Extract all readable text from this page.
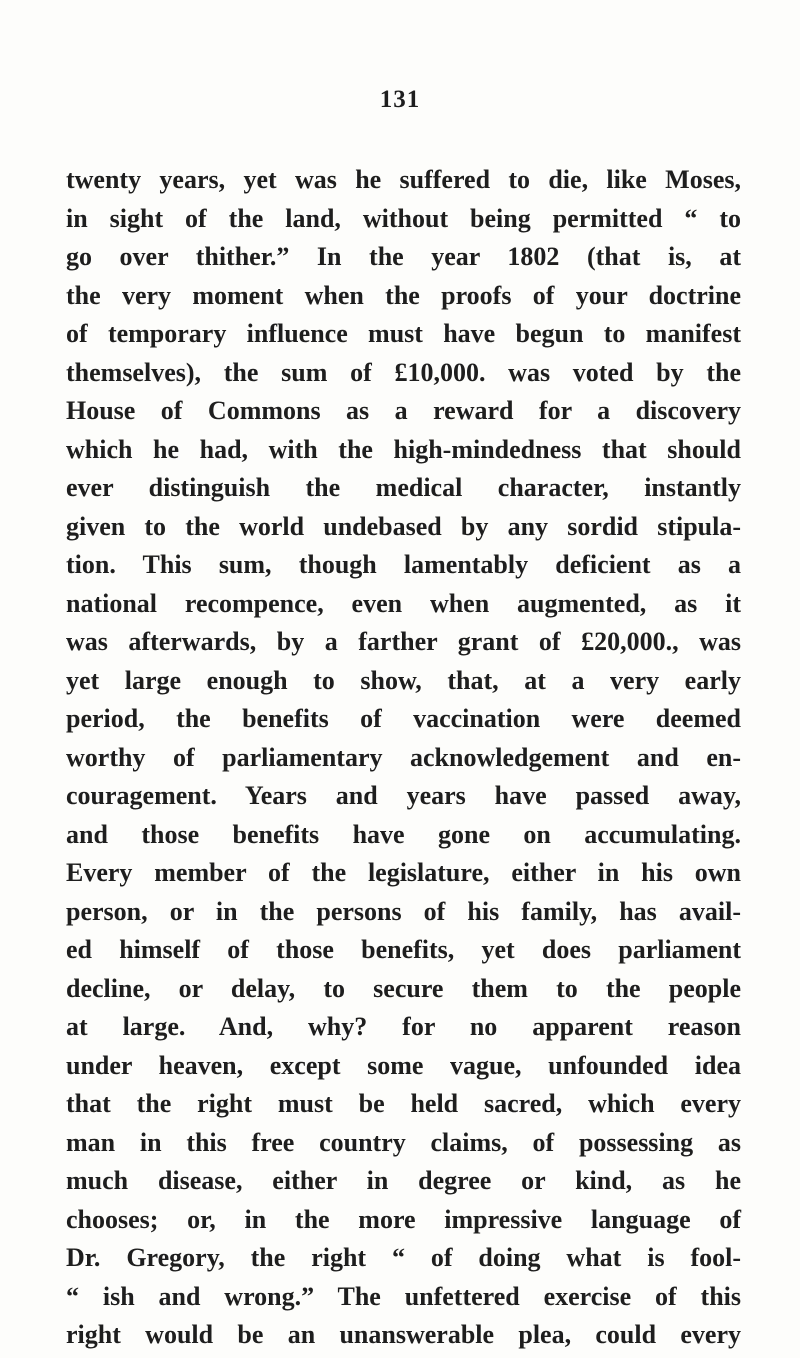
131
twenty years, yet was he suffered to die, like Moses,
in sight of the land, without being permitted “ to
go over thither.” In the year 1802 (that is, at
the very moment when the proofs of your doctrine
of temporary influence must have begun to manifest
themselves), the sum of £10,000. was voted by the
House of Commons as a reward for a discovery
which he had, with the high-mindedness that should
ever distinguish the medical character, instantly
given to the world undebased by any sordid stipula-
tion. This sum, though lamentably deficient as a
national recompence, even when augmented, as it
was afterwards, by a farther grant of £20,000., was
yet large enough to show, that, at a very early
period, the benefits of vaccination were deemed
worthy of parliamentary acknowledgement and en-
couragement. Years and years have passed away,
and those benefits have gone on accumulating.
Every member of the legislature, either in his own
person, or in the persons of his family, has avail-
ed himself of those benefits, yet does parliament
decline, or delay, to secure them to the people
at large. And, why? for no apparent reason
under heaven, except some vague, unfounded idea
that the right must be held sacred, which every
man in this free country claims, of possessing as
much disease, either in degree or kind, as he
chooses; or, in the more impressive language of
Dr. Gregory, the right “ of doing what is fool-
“ ish and wrong.” The unfettered exercise of this
right would be an unanswerable plea, could every
